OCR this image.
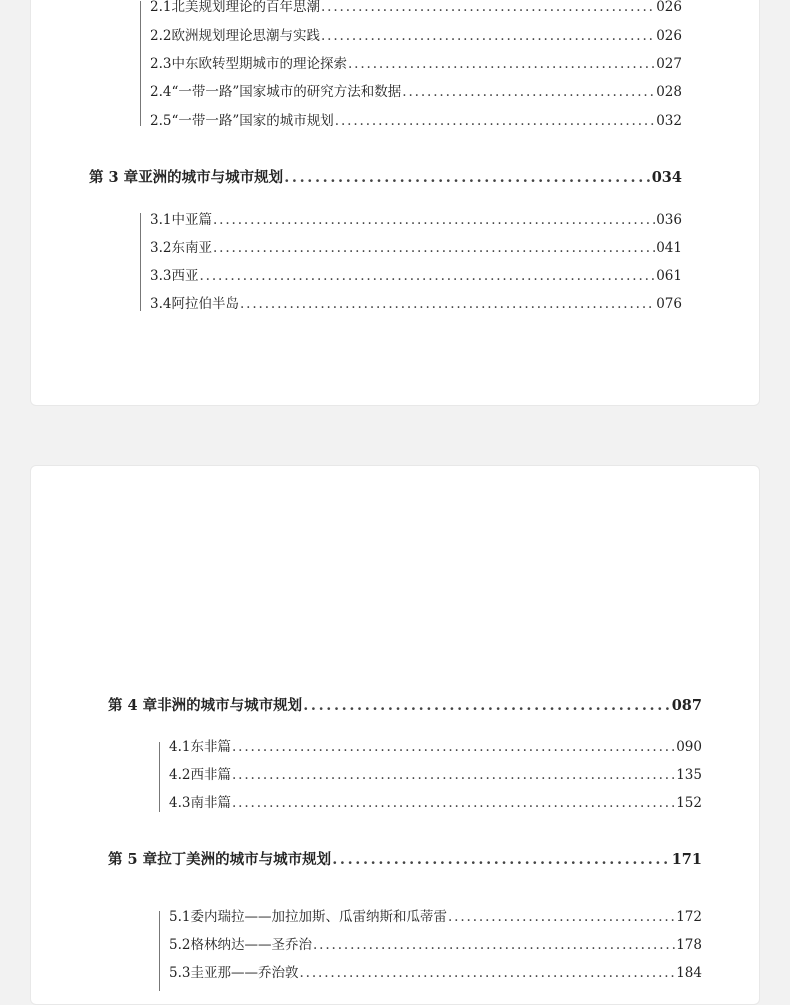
2.1 北美规划理论的百年思潮 . . .	026
2.2 欧洲规划理论思潮与实践 . . .	026
2.3 中东欧转型期城市的理论探索 . . .	027
2.4 “一带一路”国家城市的研究方法和数据 . . .	028
2.5 “一带一路”国家的城市规划 . . .	032
第 3 章 亚洲的城市与城市规划 . . .	034
3.1 中亚篇 . . .	036
3.2 东南亚 . . .	041
3.3 西亚 . . .	061
3.4 阿拉伯半岛 . . .	076
第 4 章 非洲的城市与城市规划 . . .	087
4.1 东非篇 . . .	090
4.2 西非篇 . . .	135
4.3 南非篇 . . .	152
第 5 章 拉丁美洲的城市与城市规划 . . .	171
5.1 委内瑞拉——加拉加斯、瓜雷纳斯和瓜蒂雷 . . .	172
5.2 格林纳达——圣乔治 . . .	178
5.3 圭亚那——乔治敦 . . .	184
